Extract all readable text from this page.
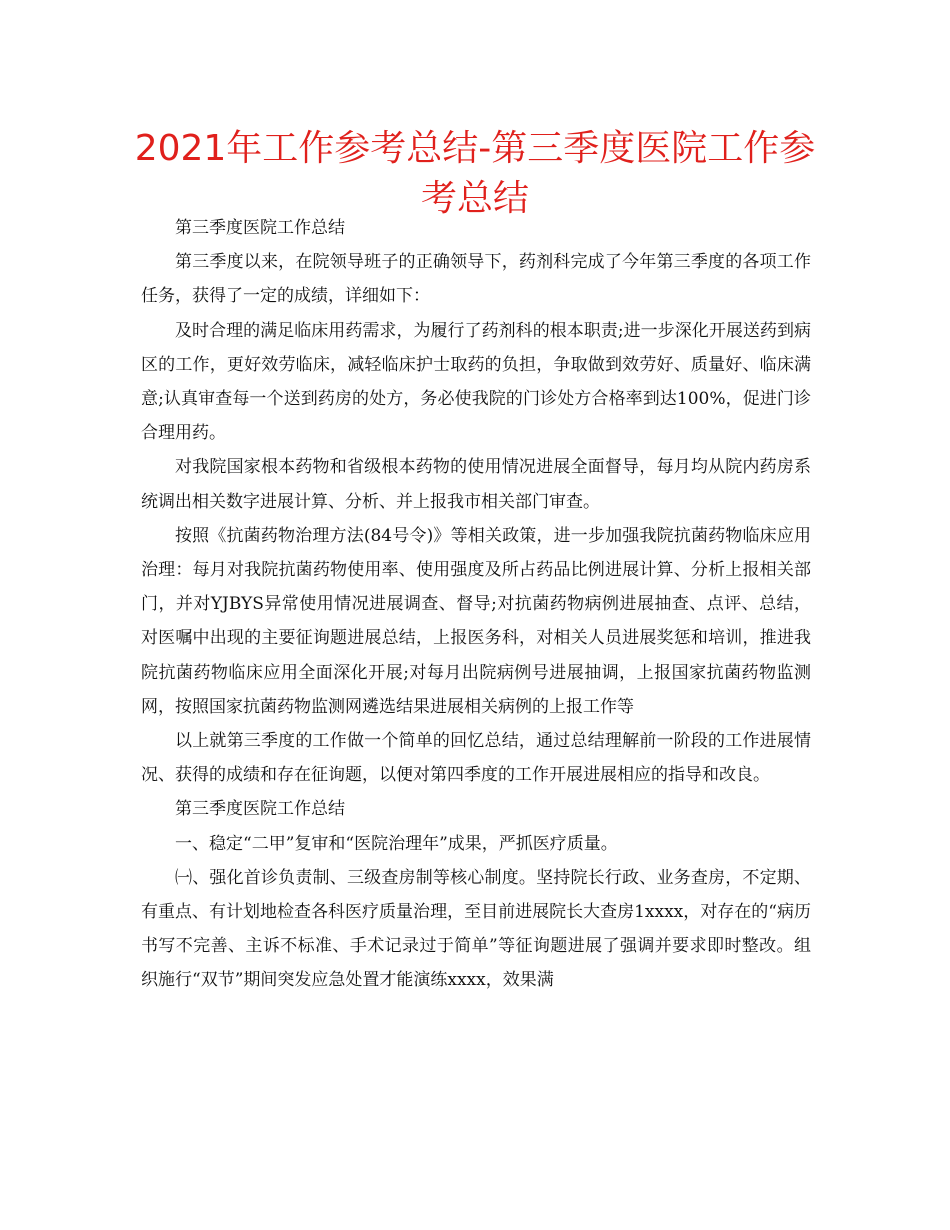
2021年工作参考总结-第三季度医院工作参考总结

第三季度医院工作总结

第三季度以来，在院领导班子的正确领导下，药剂科完成了今年第三季度的各项工作任务，获得了一定的成绩，详细如下：

及时合理的满足临床用药需求，为履行了药剂科的根本职责;进一步深化开展送药到病区的工作，更好效劳临床，减轻临床护士取药的负担，争取做到效劳好、质量好、临床满意;认真审查每一个送到药房的处方，务必使我院的门诊处方合格率到达100%，促进门诊合理用药。

对我院国家根本药物和省级根本药物的使用情况进展全面督导，每月均从院内药房系统调出相关数字进展计算、分析、并上报我市相关部门审查。

按照《抗菌药物治理方法(84号令)》等相关政策，进一步加强我院抗菌药物临床应用治理：每月对我院抗菌药物使用率、使用强度及所占药品比例进展计算、分析上报相关部门，并对YJBYS异常使用情况进展调查、督导;对抗菌药物病例进展抽查、点评、总结，对医嘱中出现的主要征询题进展总结，上报医务科，对相关人员进展奖惩和培训，推进我院抗菌药物临床应用全面深化开展;对每月出院病例号进展抽调，上报国家抗菌药物监测网，按照国家抗菌药物监测网遴选结果进展相关病例的上报工作等

以上就第三季度的工作做一个简单的回忆总结，通过总结理解前一阶段的工作进展情况、获得的成绩和存在征询题，以便对第四季度的工作开展进展相应的指导和改良。

第三季度医院工作总结

一、稳定“二甲”复审和“医院治理年”成果，严抓医疗质量。

㈠、强化首诊负责制、三级查房制等核心制度。坚持院长行政、业务查房，不定期、有重点、有计划地检查各科医疗质量治理，至目前进展院长大查房1xxxx，对存在的“病历书写不完善、主诉不标准、手术记录过于简单”等征询题进展了强调并要求即时整改。组织施行“双节”期间突发应急处置才能演练xxxx，效果满
